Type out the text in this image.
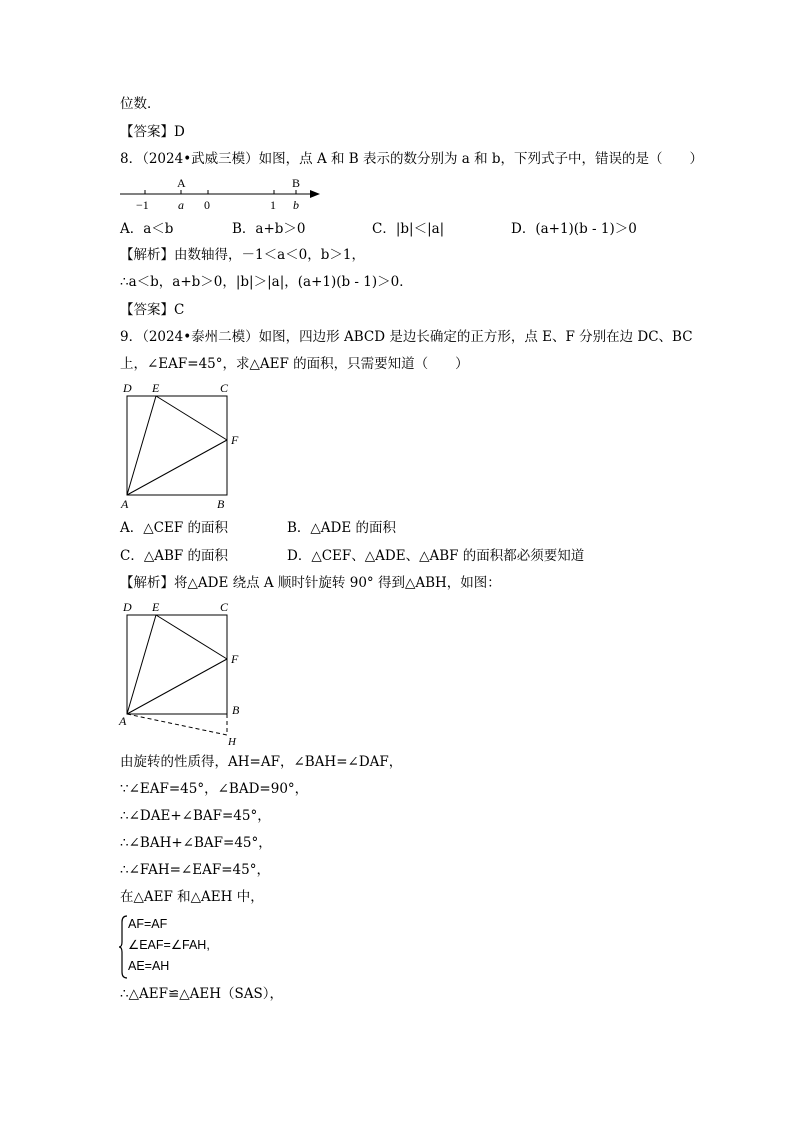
位数．
【答案】D
8．（2024•武威三模）如图，点 A 和 B 表示的数分别为 a 和 b，下列式子中，错误的是（　　）
A	B
−1 a 0	1 b
A．a＜b	B．a+b＞0	C．|b|＜|a|	D．(a+1)(b - 1)＞0
【解析】由数轴得，－1＜a＜0，b＞1，
∴a＜b，a+b＞0，|b|＞|a|，(a+1)(b - 1)＞0．
【答案】C
9．（2024•泰州二模）如图，四边形 ABCD 是边长确定的正方形，点 E、F 分别在边 DC、BC
上，∠EAF=45°，求△AEF 的面积，只需要知道（　　）
D E	C
F
A	B
A．△CEF 的面积	B．△ADE 的面积
C．△ABF 的面积	D．△CEF、△ADE、△ABF 的面积都必须要知道
【解析】将△ADE 绕点 A 顺时针旋转 90° 得到△ABH，如图：
D E	C
F
A
B
H
由旋转的性质得，AH=AF，∠BAH=∠DAF，
∵∠EAF=45°，∠BAD=90°，
∴∠DAE+∠BAF=45°，
∴∠BAH+∠BAF=45°，
∴∠FAH=∠EAF=45°，
在△AEF 和△AEH 中，
AF=AF
∠EAF=∠FAH,
AE=AH
∴△AEF≌△AEH（SAS），
